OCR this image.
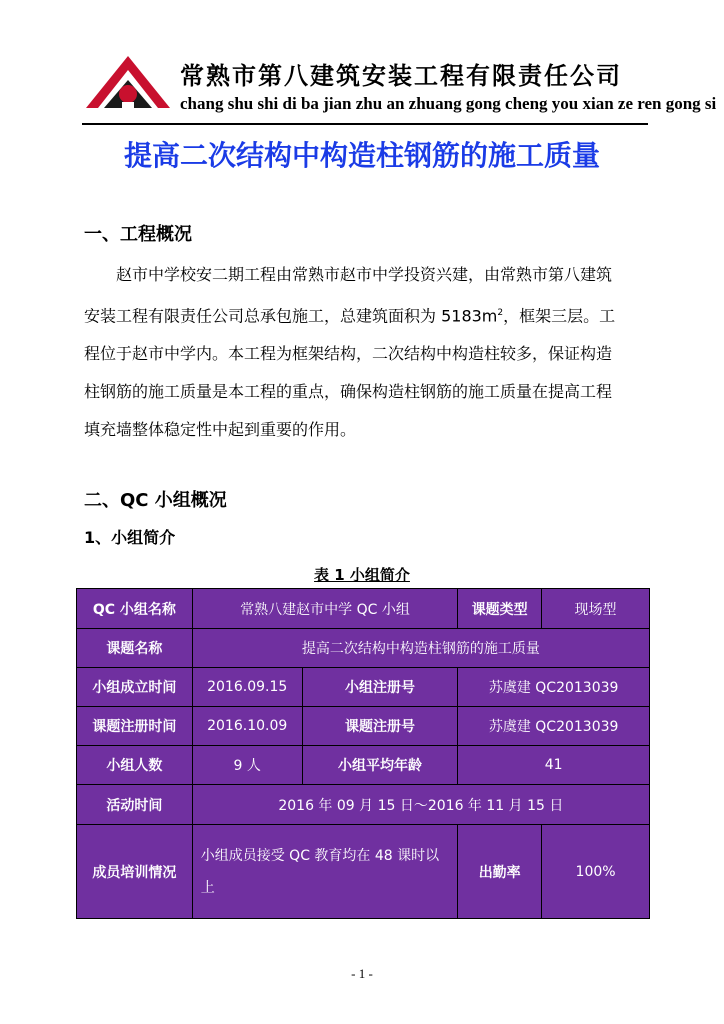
常熟市第八建筑安装工程有限责任公司
chang shu shi di ba jian zhu an zhuang gong cheng you xian ze ren gong si
提高二次结构中构造柱钢筋的施工质量
一、工程概况
赵市中学校安二期工程由常熟市赵市中学投资兴建，由常熟市第八建筑
安装工程有限责任公司总承包施工，总建筑面积为 $5183m^2$，框架三层。工
程位于赵市中学内。本工程为框架结构，二次结构中构造柱较多，保证构造
柱钢筋的施工质量是本工程的重点，确保构造柱钢筋的施工质量在提高工程
填充墙整体稳定性中起到重要的作用。
二、QC 小组概况
1、小组简介
表 1 小组简介
QC 小组名称	常熟八建赵市中学 QC 小组		课题类型	现场型
课题名称	提高二次结构中构造柱钢筋的施工质量			
小组成立时间	2016.09.15	小组注册号	苏虞建 QC2013039	
课题注册时间	2016.10.09	课题注册号	苏虞建 QC2013039	
小组人数	9 人	小组平均年龄	41	
活动时间	2016 年 09 月 15 日～2016 年 11 月 15 日			
成员培训情况	小组成员接受 QC 教育均在 48 课时以
上		出勤率	100%
- 1 -
